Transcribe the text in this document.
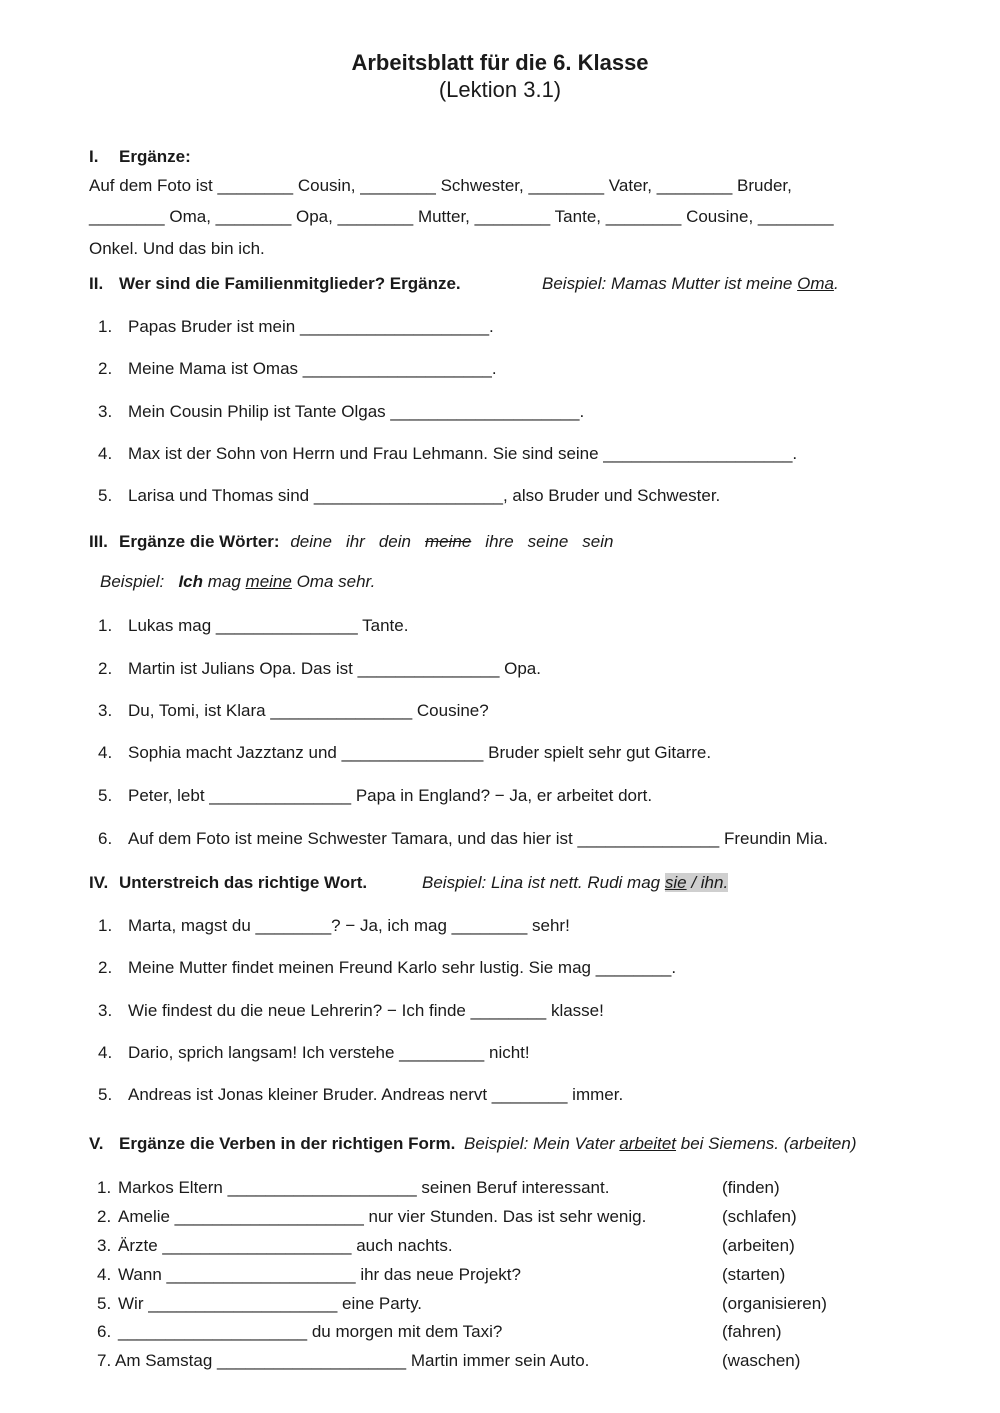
Arbeitsblatt für die 6. Klasse
(Lektion 3.1)
I. Ergänze:
Auf dem Foto ist ________ Cousin, ________ Schwester, ________ Vater, ________ Bruder,
________ Oma, ________ Opa, ________ Mutter, ________ Tante, ________ Cousine, ________
Onkel. Und das bin ich.
II. Wer sind die Familienmitglieder? Ergänze.	Beispiel: Mamas Mutter ist meine Oma.
1. Papas Bruder ist mein ____________________.
2. Meine Mama ist Omas ____________________.
3. Mein Cousin Philip ist Tante Olgas ____________________.
4. Max ist der Sohn von Herrn und Frau Lehmann. Sie sind seine ____________________.
5. Larisa und Thomas sind ____________________, also Bruder und Schwester.
III. Ergänze die Wörter: deine ihr dein meine ihre seine sein
Beispiel: Ich mag meine Oma sehr.
1. Lukas mag _______________ Tante.
2. Martin ist Julians Opa. Das ist _______________ Opa.
3. Du, Tomi, ist Klara _______________ Cousine?
4. Sophia macht Jazztanz und _______________ Bruder spielt sehr gut Gitarre.
5. Peter, lebt _______________ Papa in England? − Ja, er arbeitet dort.
6. Auf dem Foto ist meine Schwester Tamara, und das hier ist _______________ Freundin Mia.
IV. Unterstreich das richtige Wort.	Beispiel: Lina ist nett. Rudi mag sie / ihn.
1. Marta, magst du ________? − Ja, ich mag ________ sehr!
2. Meine Mutter findet meinen Freund Karlo sehr lustig. Sie mag ________.
3. Wie findest du die neue Lehrerin? − Ich finde ________ klasse!
4. Dario, sprich langsam! Ich verstehe _________ nicht!
5. Andreas ist Jonas kleiner Bruder. Andreas nervt ________ immer.
V. Ergänze die Verben in der richtigen Form. Beispiel: Mein Vater arbeitet bei Siemens. (arbeiten)
1. Markos Eltern ____________________ seinen Beruf interessant.	(finden)
2. Amelie ____________________ nur vier Stunden. Das ist sehr wenig.	(schlafen)
3. Ärzte ____________________ auch nachts.	(arbeiten)
4. Wann ____________________ ihr das neue Projekt?	(starten)
5. Wir ____________________ eine Party.	(organisieren)
6. ____________________ du morgen mit dem Taxi?	(fahren)
7. Am Samstag ____________________ Martin immer sein Auto.	(waschen)
